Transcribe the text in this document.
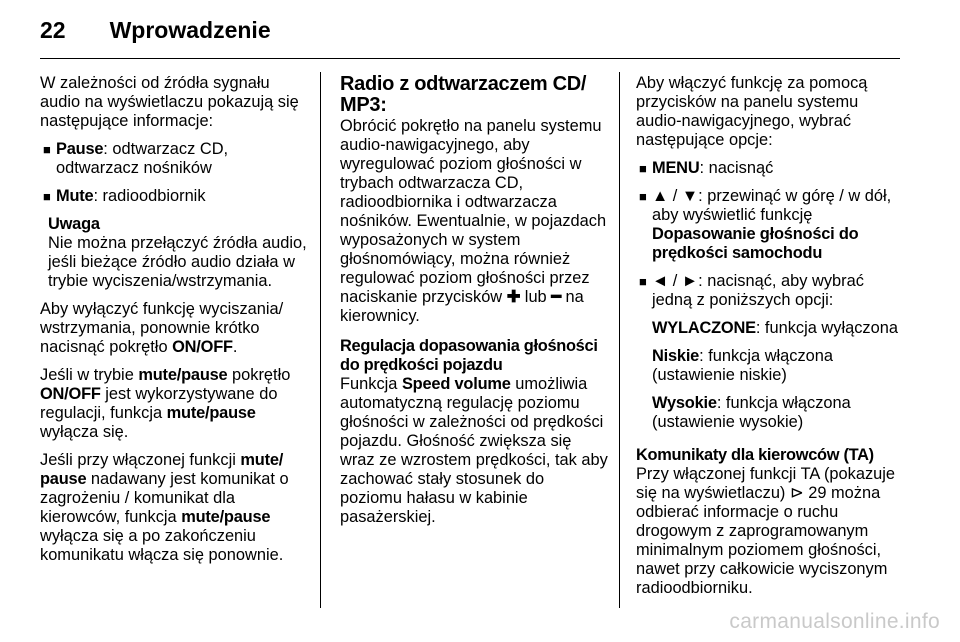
22 Wprowadzenie

W zależności od źródła sygnału audio na wyświetlaczu pokazują się następujące informacje:

■ Pause: odtwarzacz CD, odtwarzacz nośników
■ Mute: radioodbiornik
Uwaga
Nie można przełączyć źródła audio, jeśli bieżące źródło audio działa w trybie wyciszenia/wstrzymania.

Aby wyłączyć funkcję wyciszania/ wstrzymania, ponownie krótko nacisnąć pokrętło ON/OFF.

Jeśli w trybie mute/pause pokrętło ON/OFF jest wykorzystywane do regulacji, funkcja mute/pause wyłącza się.

Jeśli przy włączonej funkcji mute/ pause nadawany jest komunikat o zagrożeniu / komunikat dla kierowców, funkcja mute/pause wyłącza się a po zakończeniu komunikatu włącza się ponownie.

Radio z odtwarzaczem CD/ MP3:

Obrócić pokrętło na panelu systemu audio-nawigacyjnego, aby wyregulować poziom głośności w trybach odtwarzacza CD, radioodbiornika i odtwarzacza nośników. Ewentualnie, w pojazdach wyposażonych w system głośnomówiący, można również regulować poziom głośności przez naciskanie przycisków ✚ lub ━ na kierownicy.

Regulacja dopasowania głośności do prędkości pojazdu

Funkcja Speed volume umożliwia automatyczną regulację poziomu głośności w zależności od prędkości pojazdu. Głośność zwiększa się wraz ze wzrostem prędkości, tak aby zachować stały stosunek do poziomu hałasu w kabinie pasażerskiej.

Aby włączyć funkcję za pomocą przycisków na panelu systemu audio-nawigacyjnego, wybrać następujące opcje:

■ MENU: nacisnąć
■ ▲ / ▼: przewinąć w górę / w dół, aby wyświetlić funkcję Dopasowanie głośności do prędkości samochodu
■ ◄ / ►: nacisnąć, aby wybrać jedną z poniższych opcji:
WYLACZONE: funkcja wyłączona
Niskie: funkcja włączona (ustawienie niskie)
Wysokie: funkcja włączona (ustawienie wysokie)
Komunikaty dla kierowców (TA)

Przy włączonej funkcji TA (pokazuje się na wyświetlaczu) ⊳ 29 można odbierać informacje o ruchu drogowym z zaprogramowanym minimalnym poziomem głośności, nawet przy całkowicie wyciszonym radioodbiorniku.

carmanualsonline.info
